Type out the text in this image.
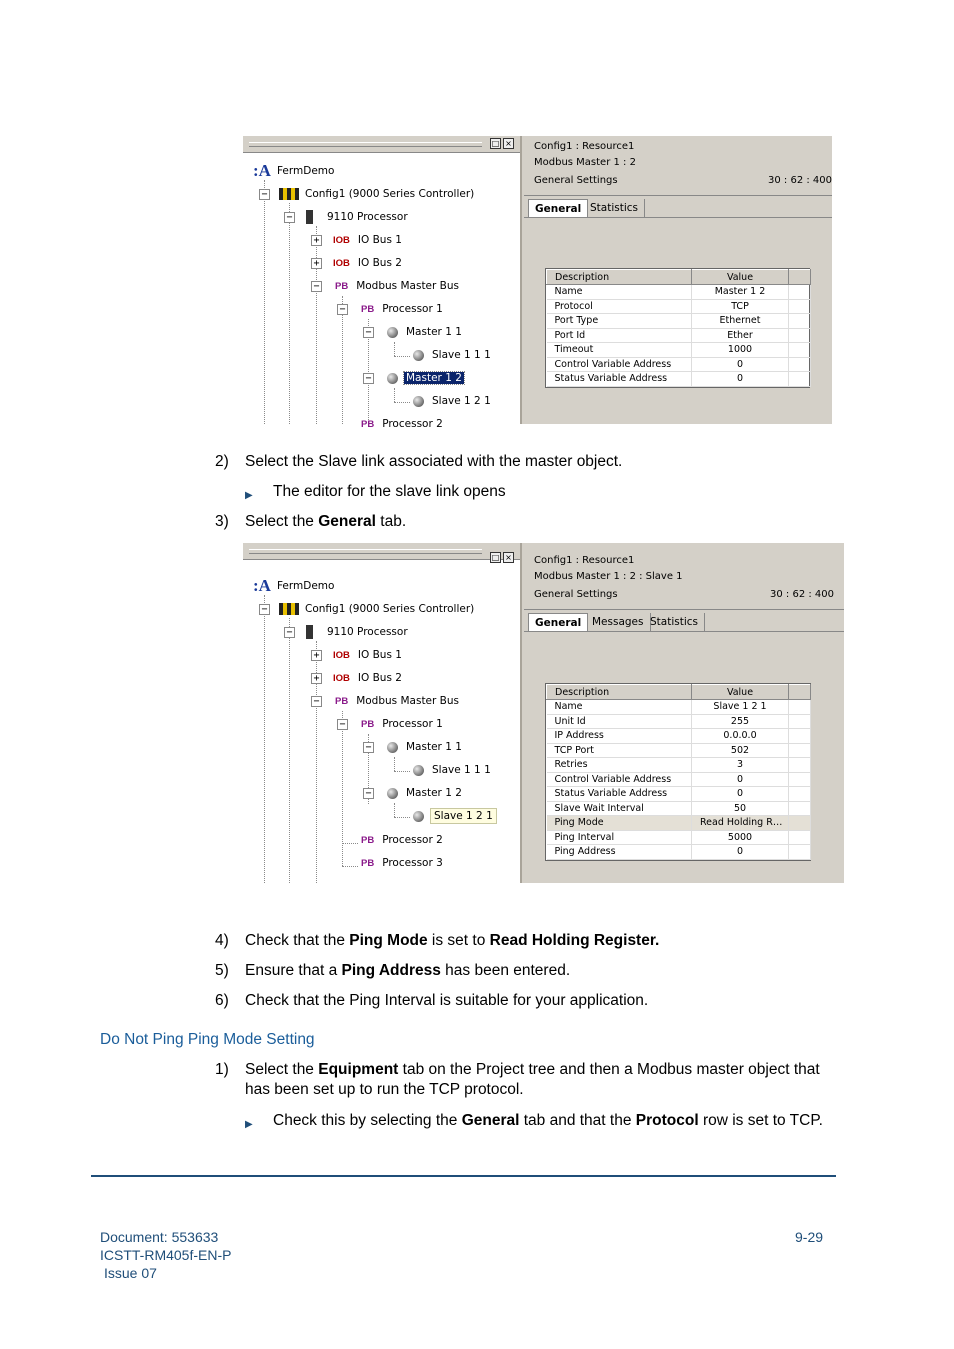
□ ×
:A FermDemo
−	Config1 (9000 Series Controller)
−	9110 Processor
+ IOB IO Bus 1
+ IOB IO Bus 2
− PB Modbus Master Bus
− PB Processor 1
−	Master 1 1
Slave 1 1 1
−	Master 1 2
Slave 1 2 1
PB Processor 2
Config1 : Resource1
Modbus Master 1 : 2
General Settings	30 : 62 : 400
General Statistics
Description	Value	
Name	Master 1 2	
Protocol	TCP	
Port Type	Ethernet	
Port Id	Ether	
Timeout	1000	
Control Variable Address	0	
Status Variable Address	0	
2) Select the Slave link associated with the master object.
▶ The editor for the slave link opens
3) Select the General tab.
□ ×
:A FermDemo
−	Config1 (9000 Series Controller)
−	9110 Processor
+ IOB IO Bus 1
+ IOB IO Bus 2
− PB Modbus Master Bus
− PB Processor 1
−	Master 1 1
Slave 1 1 1
−	Master 1 2
Slave 1 2 1
PB Processor 2
PB Processor 3
Config1 : Resource1
Modbus Master 1 : 2 : Slave 1
General Settings	30 : 62 : 400
General	Messages Statistics
Description	Value	
Name	Slave 1 2 1	
Unit Id	255	
IP Address	0.0.0.0	
TCP Port	502	
Retries	3	
Control Variable Address	0	
Status Variable Address	0	
Slave Wait Interval	50	
Ping Mode	Read Holding R…	
Ping Interval	5000	
Ping Address	0	
4) Check that the Ping Mode is set to Read Holding Register.
5) Ensure that a Ping Address has been entered.
6) Check that the Ping Interval is suitable for your application.
Do Not Ping Ping Mode Setting
1) Select the Equipment tab on the Project tree and then a Modbus master object that has been set up to run the TCP protocol.
▶ Check this by selecting the General tab and that the Protocol row is set to TCP.
Document: 553633
ICSTT-RM405f-EN-P
Issue 07
9-29
